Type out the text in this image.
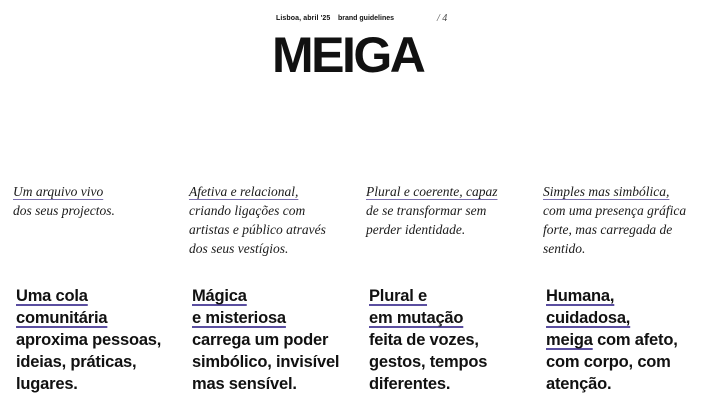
Lisboa, abril '25 brand guidelines	/ 4
MEIGA
Um arquivo vivo
dos seus projectos.
Uma cola
comunitária
aproxima pessoas,
ideias, práticas,
lugares.
Afetiva e relacional,
criando ligações com
artistas e público através
dos seus vestígios.
Mágica
e misteriosa
carrega um poder
simbólico, invisível
mas sensível.
Plural e coerente, capaz
de se transformar sem
perder identidade.
Plural e
em mutação
feita de vozes,
gestos, tempos
diferentes.
Simples mas simbólica,
com uma presença gráfica
forte, mas carregada de
sentido.
Humana,
cuidadosa,
meiga com afeto,
com corpo, com
atenção.
